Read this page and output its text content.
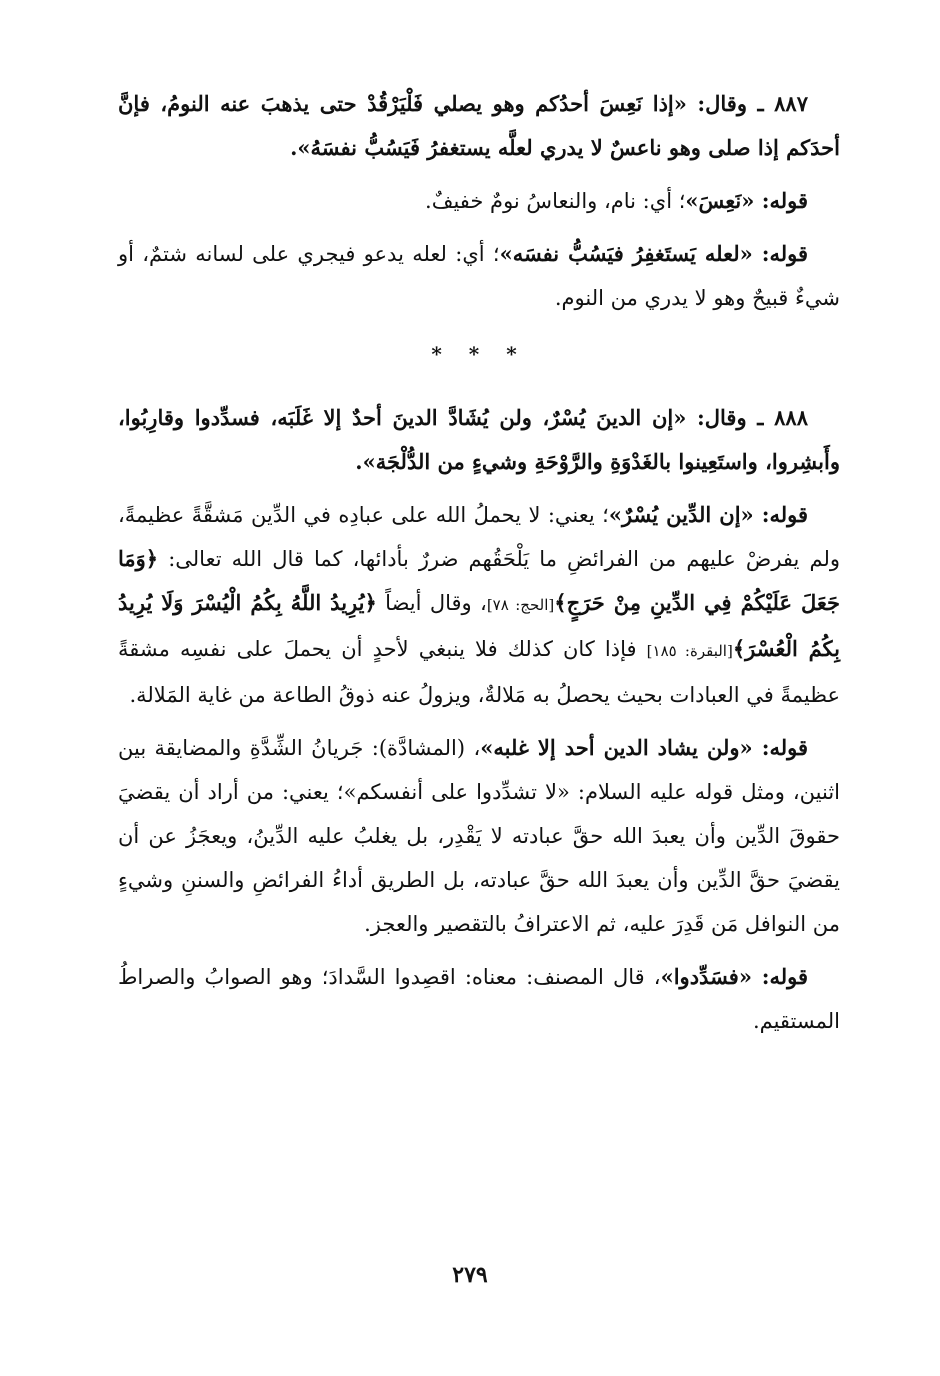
٨٨٧ ـ وقال: «إذا نَعِسَ أحدُكم وهو يصلي فَلْيَرْقُدْ حتى يذهبَ عنه النومُ، فإنَّ أحدَكم إذا صلى وهو ناعسٌ لا يدري لعلَّه يستغفرُ فَيَسُبُّ نفسَهُ».

قوله: «نَعِسَ»؛ أي: نام، والنعاسُ نومٌ خفيفٌ.

قوله: «لعله يَستَغفِرُ فيَسُبُّ نفسَه»؛ أي: لعله يدعو فيجري على لسانه شتمٌ، أو شيءٌ قبيحٌ وهو لا يدري من النوم.

* * *

٨٨٨ ـ وقال: «إن الدينَ يُسْرٌ، ولن يُشَادَّ الدينَ أحدٌ إلا غَلَبَه، فسدِّدوا وقارِبُوا، وأَبشِروا، واستَعِينوا بالغَدْوَةِ والرَّوْحَةِ وشيءٍ من الدُّلْجَة».

قوله: «إن الدِّين يُسْرٌ»؛ يعني: لا يحملُ الله على عبادِه في الدِّين مَشقَّةً عظيمةً، ولم يفرضْ عليهم من الفرائضِ ما يَلْحَقُهم ضررٌ بأدائها، كما قال الله تعالى: ﴿وَمَا جَعَلَ عَلَيْكُمْ فِي الدِّينِ مِنْ حَرَجٍ﴾[الحج: ٧٨]، وقال أيضاً ﴿يُرِيدُ اللَّهُ بِكُمُ الْيُسْرَ وَلَا يُرِيدُ بِكُمُ الْعُسْرَ﴾[البقرة: ١٨٥] فإذا كان كذلك فلا ينبغي لأحدٍ أن يحملَ على نفسِه مشقةً عظيمةً في العبادات بحيث يحصلُ به مَلالةٌ، ويزولُ عنه ذوقُ الطاعة من غاية المَلالة.

قوله: «ولن يشاد الدين أحد إلا غلبه»، (المشادَّة): جَريانُ الشِّدَّةِ والمضايقة بين اثنين، ومثل قوله عليه السلام: «لا تشدِّدوا على أنفسكم»؛ يعني: من أراد أن يقضيَ حقوقَ الدِّين وأن يعبدَ الله حقَّ عبادته لا يَقْدِر، بل يغلبُ عليه الدِّينُ، ويعجَزُ عن أن يقضيَ حقَّ الدِّين وأن يعبدَ الله حقَّ عبادته، بل الطريق أداءُ الفرائضِ والسننِ وشيءٍ من النوافل مَن قَدِرَ عليه، ثم الاعترافُ بالتقصير والعجز.

قوله: «فسَدِّدوا»، قال المصنف: معناه: اقصِدوا السَّدادَ؛ وهو الصوابُ والصراطُ المستقيم.

٢٧٩
